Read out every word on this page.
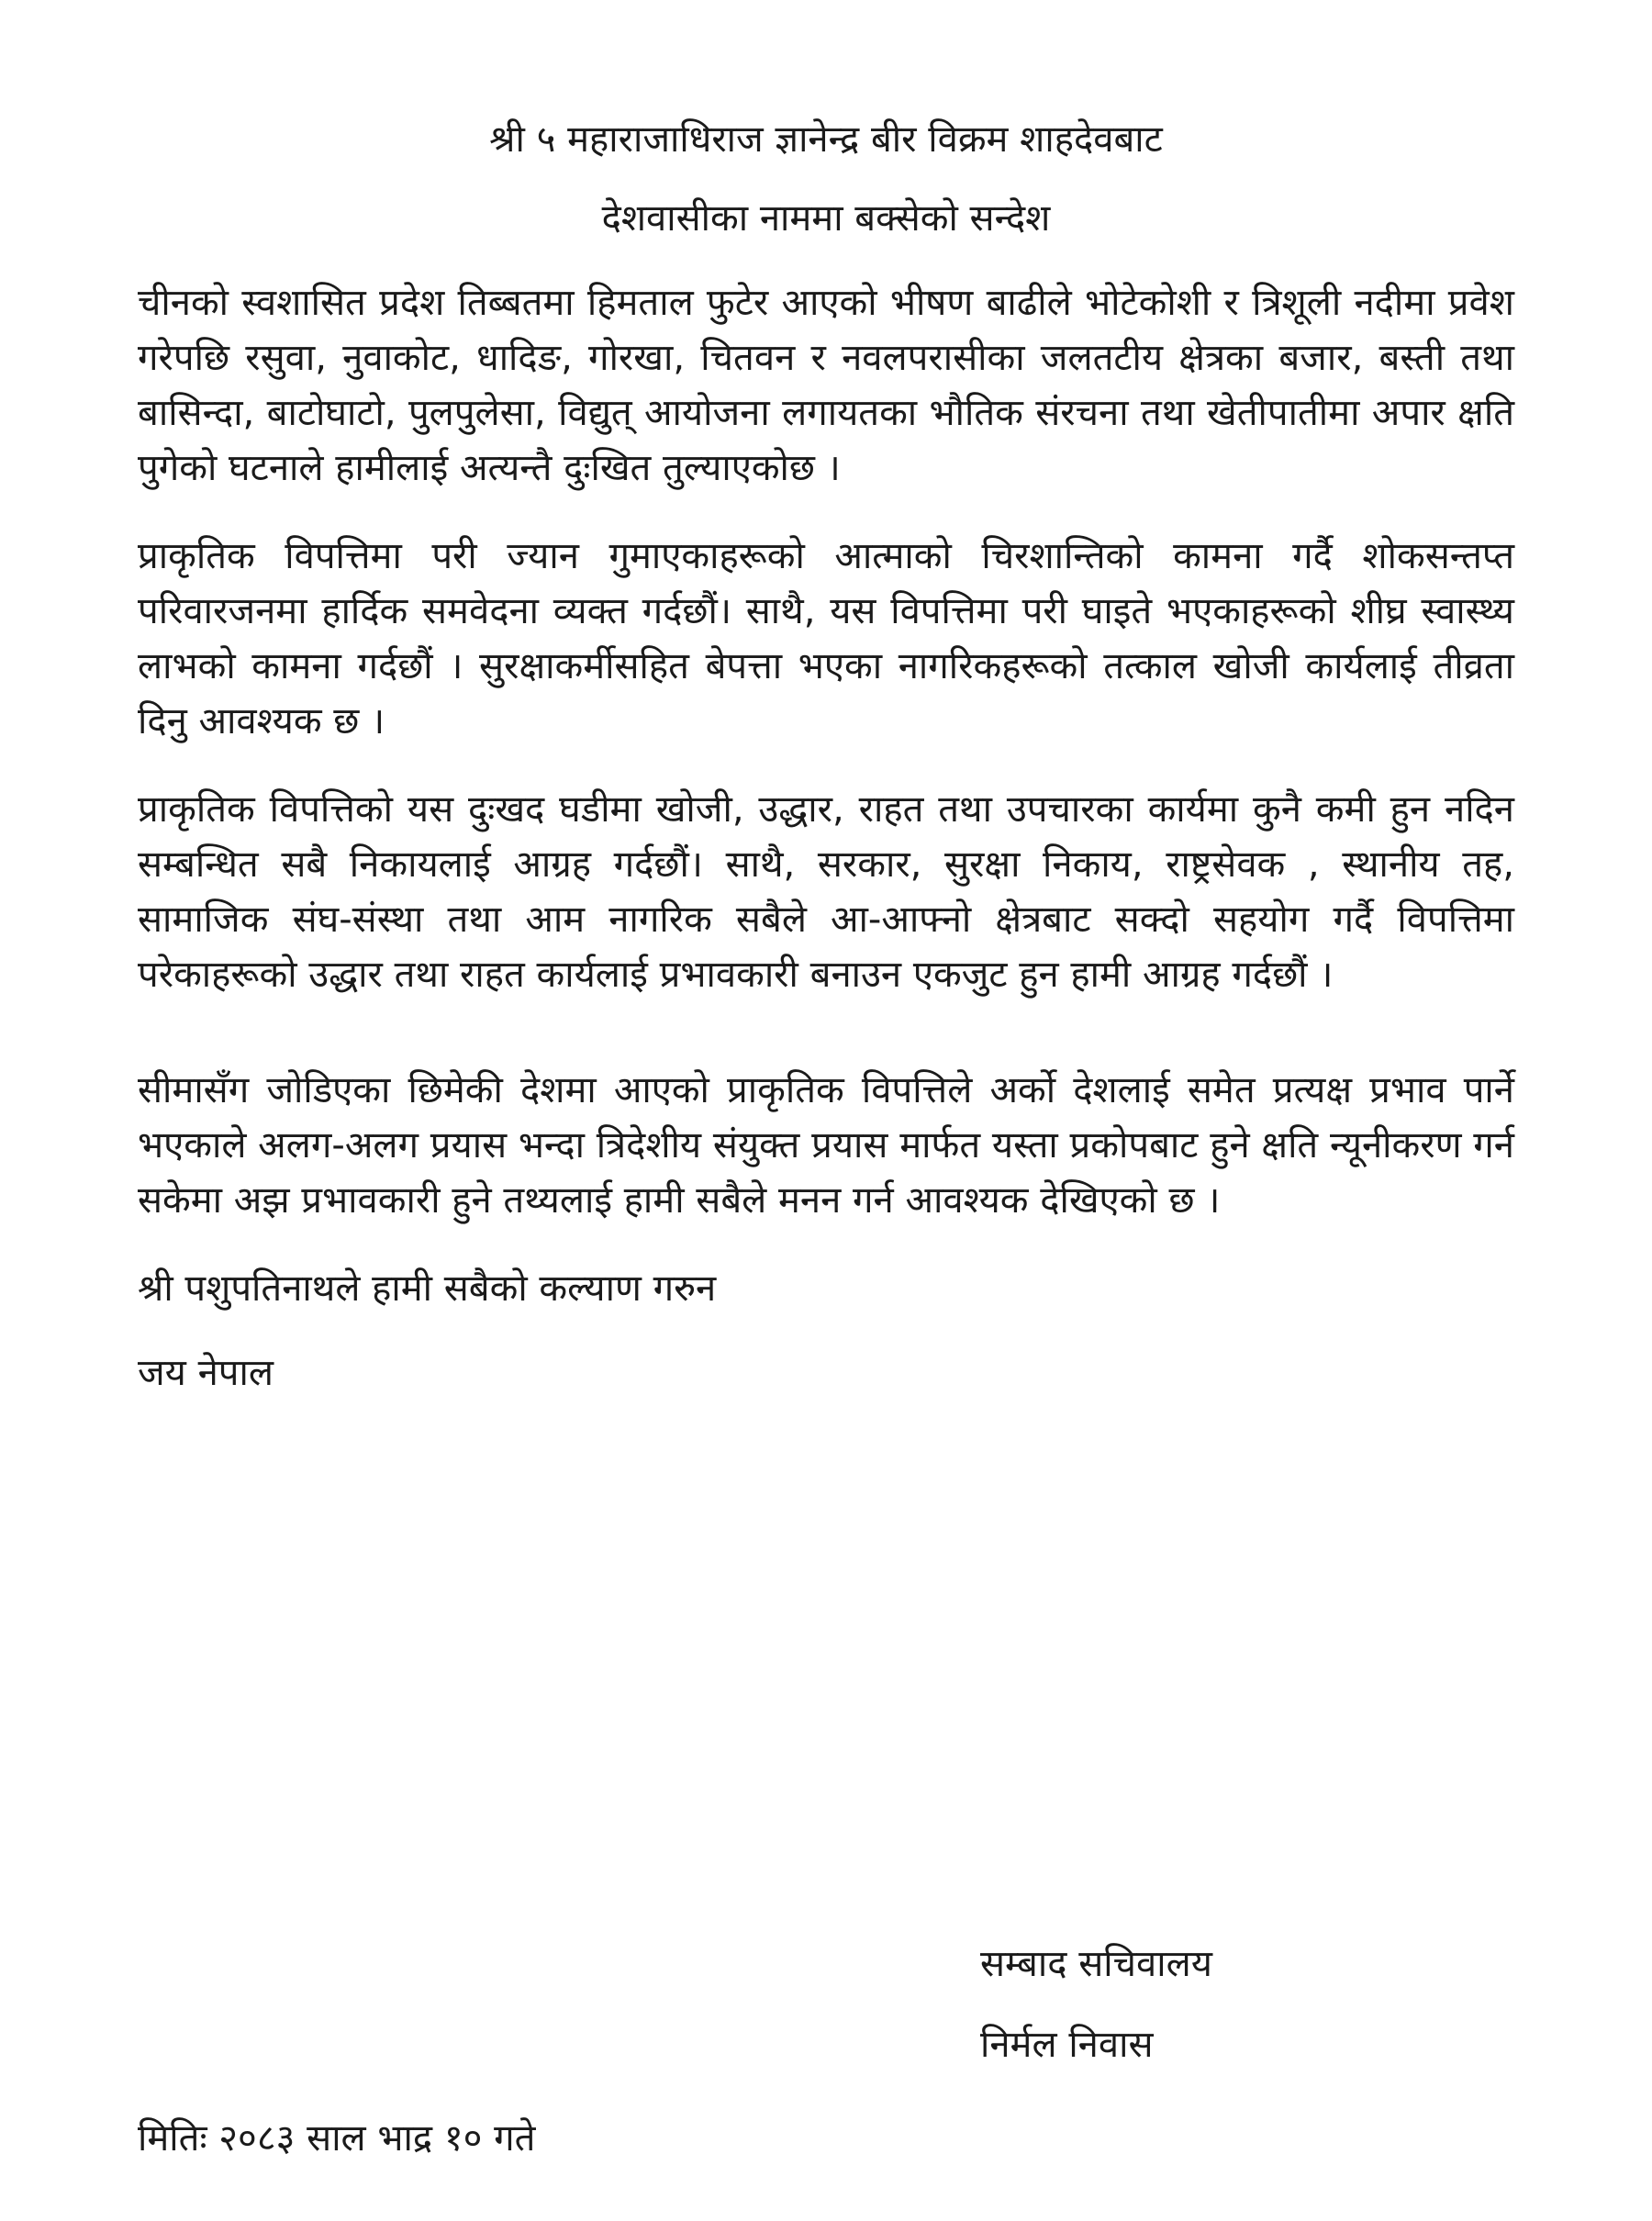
श्री ५ महाराजाधिराज ज्ञानेन्द्र बीर विक्रम शाहदेवबाट
देशवासीका नाममा बक्सेको सन्देश

चीनको स्वशासित प्रदेश तिब्बतमा हिमताल फुटेर आएको भीषण बाढीले भोटेकोशी र त्रिशूली नदीमा प्रवेश गरेपछि रसुवा, नुवाकोट, धादिङ, गोरखा, चितवन र नवलपरासीका जलतटीय क्षेत्रका बजार, बस्ती तथा बासिन्दा, बाटोघाटो, पुलपुलेसा, विद्युत् आयोजना लगायतका भौतिक संरचना तथा खेतीपातीमा अपार क्षति पुगेको घटनाले हामीलाई अत्यन्तै दुःखित तुल्याएकोछ ।

प्राकृतिक विपत्तिमा परी ज्यान गुमाएकाहरूको आत्माको चिरशान्तिको कामना गर्दै शोकसन्तप्त परिवारजनमा हार्दिक समवेदना व्यक्त गर्दछौं। साथै, यस विपत्तिमा परी घाइते भएकाहरूको शीघ्र स्वास्थ्य लाभको कामना गर्दछौं । सुरक्षाकर्मीसहित बेपत्ता भएका नागरिकहरूको तत्काल खोजी कार्यलाई तीव्रता दिनु आवश्यक छ ।

प्राकृतिक विपत्तिको यस दुःखद घडीमा खोजी, उद्धार, राहत तथा उपचारका कार्यमा कुनै कमी हुन नदिन सम्बन्धित सबै निकायलाई आग्रह गर्दछौं। साथै, सरकार, सुरक्षा निकाय, राष्ट्रसेवक , स्थानीय तह, सामाजिक संघ-संस्था तथा आम नागरिक सबैले आ-आफ्नो क्षेत्रबाट सक्दो सहयोग गर्दै विपत्तिमा परेकाहरूको उद्धार तथा राहत कार्यलाई प्रभावकारी बनाउन एकजुट हुन हामी आग्रह गर्दछौं ।

सीमासँग जोडिएका छिमेकी देशमा आएको प्राकृतिक विपत्तिले अर्को देशलाई समेत प्रत्यक्ष प्रभाव पार्ने भएकाले अलग-अलग प्रयास भन्दा त्रिदेशीय संयुक्त प्रयास मार्फत यस्ता प्रकोपबाट हुने क्षति न्यूनीकरण गर्न सकेमा अझ प्रभावकारी हुने तथ्यलाई हामी सबैले मनन गर्न आवश्यक देखिएको छ ।

श्री पशुपतिनाथले हामी सबैको कल्याण गरुन
जय नेपाल
सम्बाद सचिवालय
निर्मल निवास
मितिः २०८३ साल भाद्र १० गते
